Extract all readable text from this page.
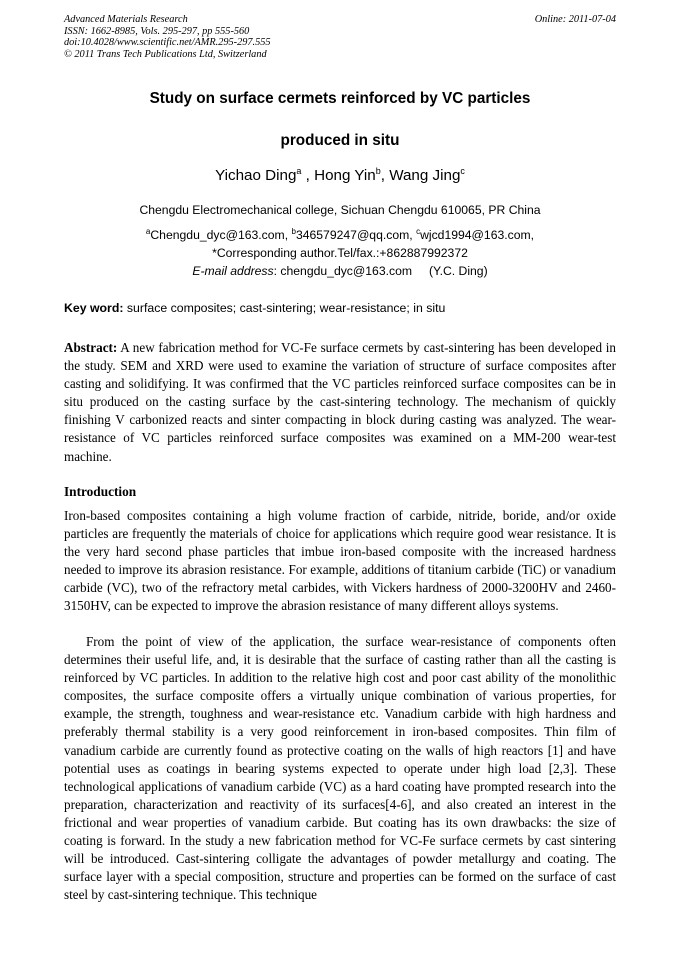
Advanced Materials Research
ISSN: 1662-8985, Vols. 295-297, pp 555-560
doi:10.4028/www.scientific.net/AMR.295-297.555
© 2011 Trans Tech Publications Ltd, Switzerland
Online: 2011-07-04
Study on surface cermets reinforced by VC particles
produced in situ
Yichao Ding$^a$ , Hong Yin$^b$, Wang Jing$^c$
Chengdu Electromechanical college, Sichuan Chengdu 610065, PR China
$^a$Chengdu_dyc@163.com, $^b$346579247@qq.com, $^c$wjcd1994@163.com,
*Corresponding author.Tel/fax.:+862887992372
E-mail address: chengdu_dyc@163.com     (Y.C. Ding)
Key word: surface composites; cast-sintering; wear-resistance; in situ

Abstract: A new fabrication method for VC-Fe surface cermets by cast-sintering has been developed in the study. SEM and XRD were used to examine the variation of structure of surface composites after casting and solidifying. It was confirmed that the VC particles reinforced surface composites can be in situ produced on the casting surface by the cast-sintering technology. The mechanism of quickly finishing V carbonized reacts and sinter compacting in block during casting was analyzed. The wear-resistance of VC particles reinforced surface composites was examined on a MM-200 wear-test machine.

Introduction

Iron-based composites containing a high volume fraction of carbide, nitride, boride, and/or oxide particles are frequently the materials of choice for applications which require good wear resistance. It is the very hard second phase particles that imbue iron-based composite with the increased hardness needed to improve its abrasion resistance. For example, additions of titanium carbide (TiC) or vanadium carbide (VC), two of the refractory metal carbides, with Vickers hardness of 2000-3200HV and 2460-3150HV, can be expected to improve the abrasion resistance of many different alloys systems.

From the point of view of the application, the surface wear-resistance of components often determines their useful life, and, it is desirable that the surface of casting rather than all the casting is reinforced by VC particles. In addition to the relative high cost and poor cast ability of the monolithic composites, the surface composite offers a virtually unique combination of various properties, for example, the strength, toughness and wear-resistance etc. Vanadium carbide with high hardness and preferably thermal stability is a very good reinforcement in iron-based composites. Thin film of vanadium carbide are currently found as protective coating on the walls of high reactors [1] and have potential uses as coatings in bearing systems expected to operate under high load [2,3]. These technological applications of vanadium carbide (VC) as a hard coating have prompted research into the preparation, characterization and reactivity of its surfaces[4-6], and also created an interest in the frictional and wear properties of vanadium carbide. But coating has its own drawbacks: the size of coating is forward. In the study a new fabrication method for VC-Fe surface cermets by cast sintering will be introduced. Cast-sintering colligate the advantages of powder metallurgy and coating. The surface layer with a special composition, structure and properties can be formed on the surface of cast steel by cast-sintering technique. This technique
